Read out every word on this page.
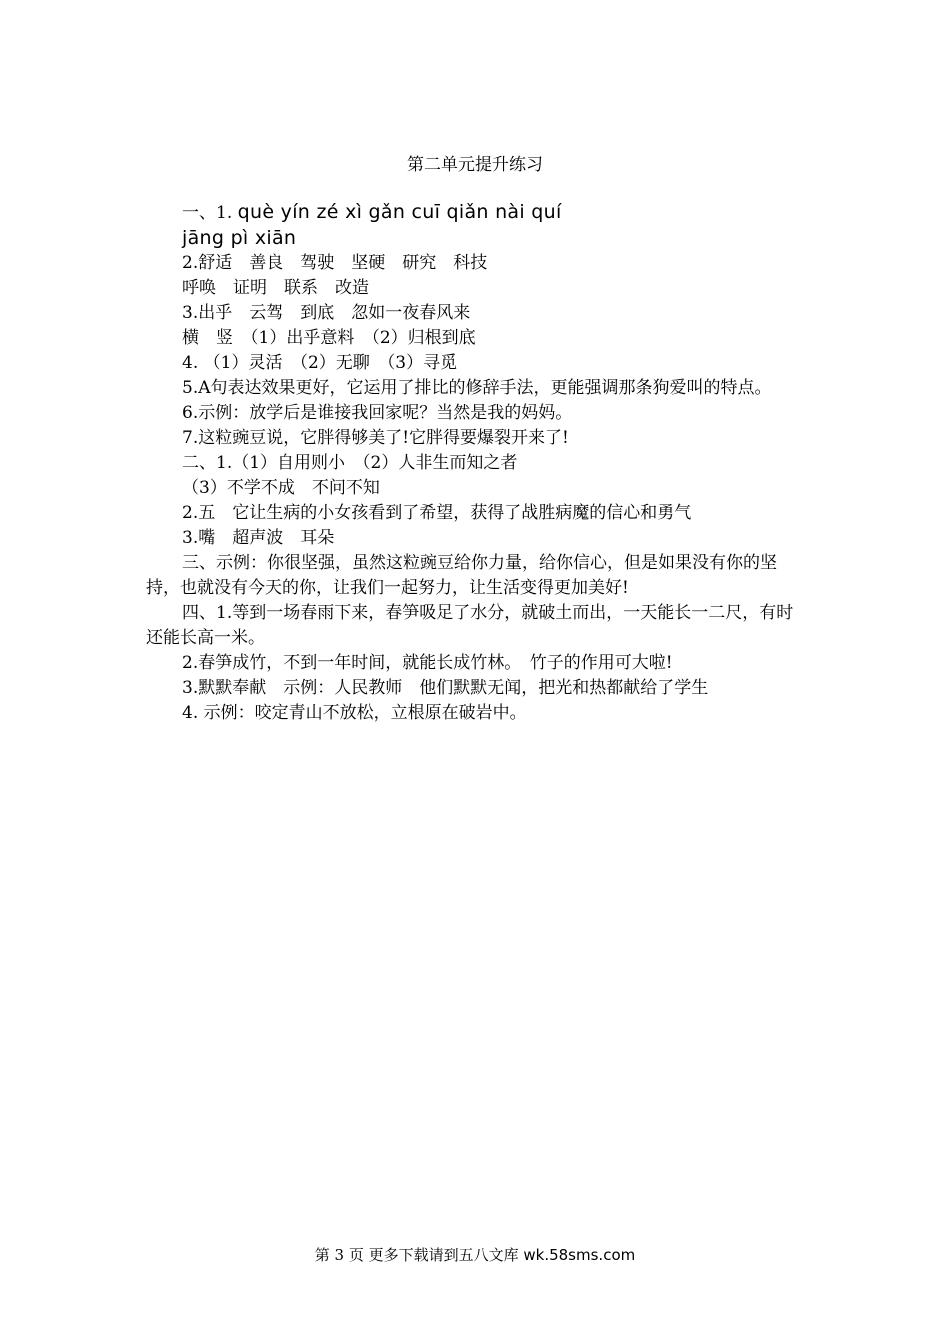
第二单元提升练习
一、1. què yín zé xì gǎn cuī qiǎn nài quí
jāng pì xiān
2.舒适　善良　驾驶　坚硬　研究　科技
呼唤　证明　联系　改造
3.出乎　云驾　到底　忽如一夜春风来
横　竖　（1）出乎意料　（2）归根到底
4. （1）灵活　（2）无聊　（3）寻觅
5.A句表达效果更好，它运用了排比的修辞手法，更能强调那条狗爱叫的特点。
6.示例：放学后是谁接我回家呢？当然是我的妈妈。
7.这粒豌豆说，它胖得够美了!它胖得要爆裂开来了!
二、1.（1）自用则小　（2）人非生而知之者
（3）不学不成　不问不知
2.五　它让生病的小女孩看到了希望，获得了战胜病魔的信心和勇气
3.嘴　超声波　耳朵
三、示例：你很坚强，虽然这粒豌豆给你力量，给你信心，但是如果没有你的坚持，也就没有今天的你，让我们一起努力，让生活变得更加美好!
四、1.等到一场春雨下来，春笋吸足了水分，就破土而出，一天能长一二尺，有时还能长高一米。
2.春笋成竹，不到一年时间，就能长成竹林。　竹子的作用可大啦!
3.默默奉献　示例：人民教师　他们默默无闻，把光和热都献给了学生
4. 示例：咬定青山不放松，立根原在破岩中。
第 3 页 更多下载请到五八文库 wk.58sms.com
